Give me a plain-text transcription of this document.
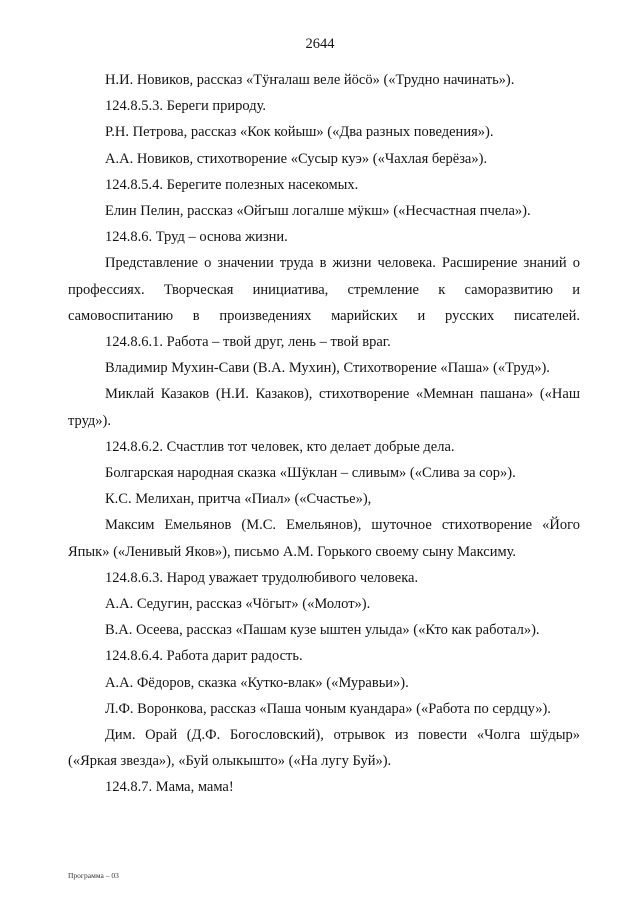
2644

Н.И. Новиков, рассказ «Тӱҥалаш веле йӧсӧ» («Трудно начинать»).

124.8.5.3. Береги природу.

Р.Н. Петрова, рассказ «Кок койыш» («Два разных поведения»).

А.А. Новиков, стихотворение «Сусыр куэ» («Чахлая берёза»).

124.8.5.4. Берегите полезных насекомых.

Елин Пелин, рассказ «Ойгыш логалше мӱкш» («Несчастная пчела»).

124.8.6. Труд – основа жизни.

Представление о значении труда в жизни человека. Расширение знаний о профессиях. Творческая инициатива, стремление к саморазвитию и самовоспитанию в произведениях марийских и русских писателей.

124.8.6.1. Работа – твой друг, лень – твой враг.

Владимир Мухин-Сави (В.А. Мухин), Стихотворение «Паша» («Труд»).

Миклай Казаков (Н.И. Казаков), стихотворение «Мемнан пашана» («Наш труд»).

124.8.6.2. Счастлив тот человек, кто делает добрые дела.

Болгарская народная сказка «Шӱклан – сливым» («Слива за сор»).

К.С. Мелихан, притча «Пиал» («Счастье»),

Максим Емельянов (М.С. Емельянов), шуточное стихотворение «Його Япык» («Ленивый Яков»), письмо А.М. Горького своему сыну Максиму.

124.8.6.3. Народ уважает трудолюбивого человека.

А.А. Седугин, рассказ «Чӧгыт» («Молот»).

В.А. Осеева, рассказ «Пашам кузе ыштен улыда» («Кто как работал»).

124.8.6.4. Работа дарит радость.

А.А. Фёдоров, сказка «Кутко-влак» («Муравьи»).

Л.Ф. Воронкова, рассказ «Паша чоным куандара» («Работа по сердцу»).

Дим. Орай (Д.Ф. Богословский), отрывок из повести «Чолга шӱдыр» («Яркая звезда»), «Буй олыкыштo» («На лугу Буй»).

124.8.7. Мама, мама!

Программа – 03
